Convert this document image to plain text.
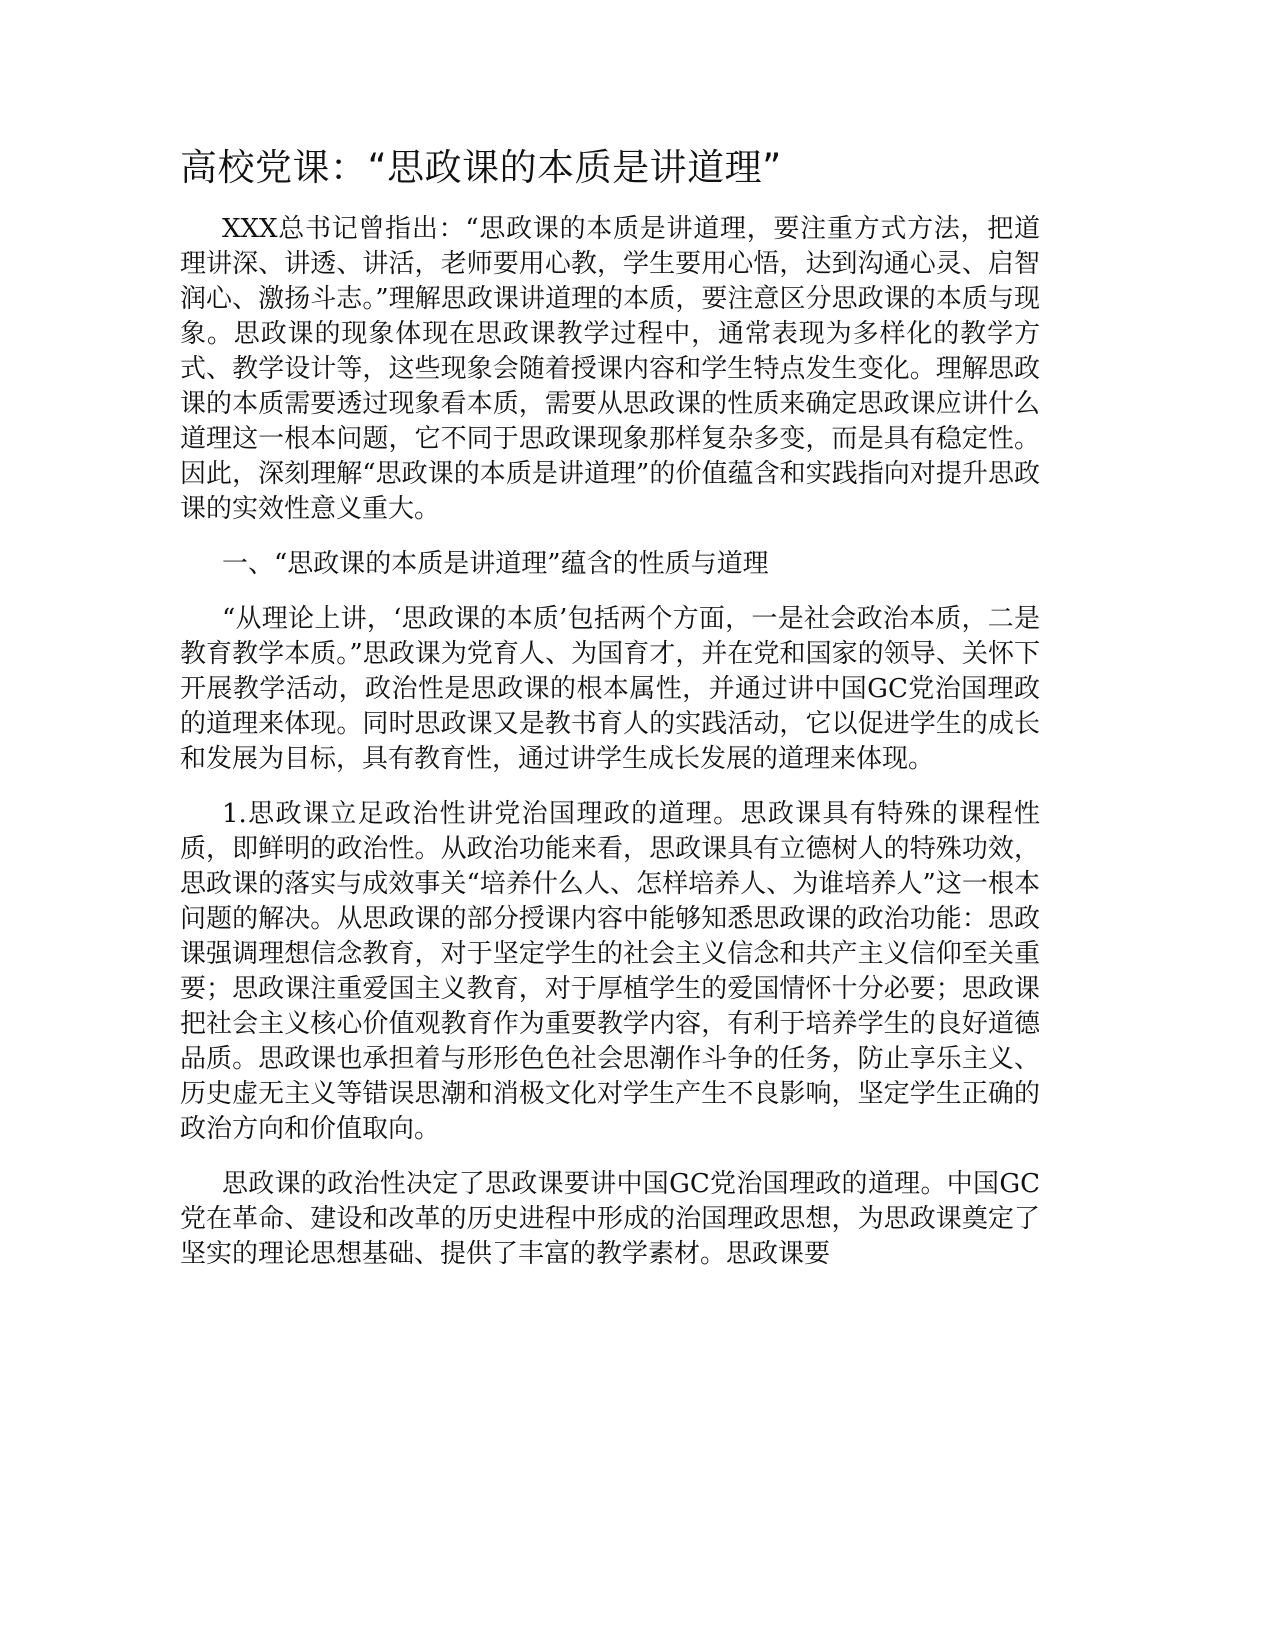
高校党课：“思政课的本质是讲道理”

XXX总书记曾指出：“思政课的本质是讲道理，要注重方式方法，把道理讲深、讲透、讲活，老师要用心教，学生要用心悟，达到沟通心灵、启智润心、激扬斗志。”理解思政课讲道理的本质，要注意区分思政课的本质与现象。思政课的现象体现在思政课教学过程中，通常表现为多样化的教学方式、教学设计等，这些现象会随着授课内容和学生特点发生变化。理解思政课的本质需要透过现象看本质，需要从思政课的性质来确定思政课应讲什么道理这一根本问题，它不同于思政课现象那样复杂多变，而是具有稳定性。因此，深刻理解“思政课的本质是讲道理”的价值蕴含和实践指向对提升思政课的实效性意义重大。

一、“思政课的本质是讲道理”蕴含的性质与道理

“从理论上讲，‘思政课的本质’包括两个方面，一是社会政治本质，二是教育教学本质。”思政课为党育人、为国育才，并在党和国家的领导、关怀下开展教学活动，政治性是思政课的根本属性，并通过讲中国GC党治国理政的道理来体现。同时思政课又是教书育人的实践活动，它以促进学生的成长和发展为目标，具有教育性，通过讲学生成长发展的道理来体现。

1.思政课立足政治性讲党治国理政的道理。思政课具有特殊的课程性质，即鲜明的政治性。从政治功能来看，思政课具有立德树人的特殊功效，思政课的落实与成效事关“培养什么人、怎样培养人、为谁培养人”这一根本问题的解决。从思政课的部分授课内容中能够知悉思政课的政治功能：思政课强调理想信念教育，对于坚定学生的社会主义信念和共产主义信仰至关重要；思政课注重爱国主义教育，对于厚植学生的爱国情怀十分必要；思政课把社会主义核心价值观教育作为重要教学内容，有利于培养学生的良好道德品质。思政课也承担着与形形色色社会思潮作斗争的任务，防止享乐主义、历史虚无主义等错误思潮和消极文化对学生产生不良影响，坚定学生正确的政治方向和价值取向。

思政课的政治性决定了思政课要讲中国GC党治国理政的道理。中国GC党在革命、建设和改革的历史进程中形成的治国理政思想，为思政课奠定了坚实的理论思想基础、提供了丰富的教学素材。思政课要
